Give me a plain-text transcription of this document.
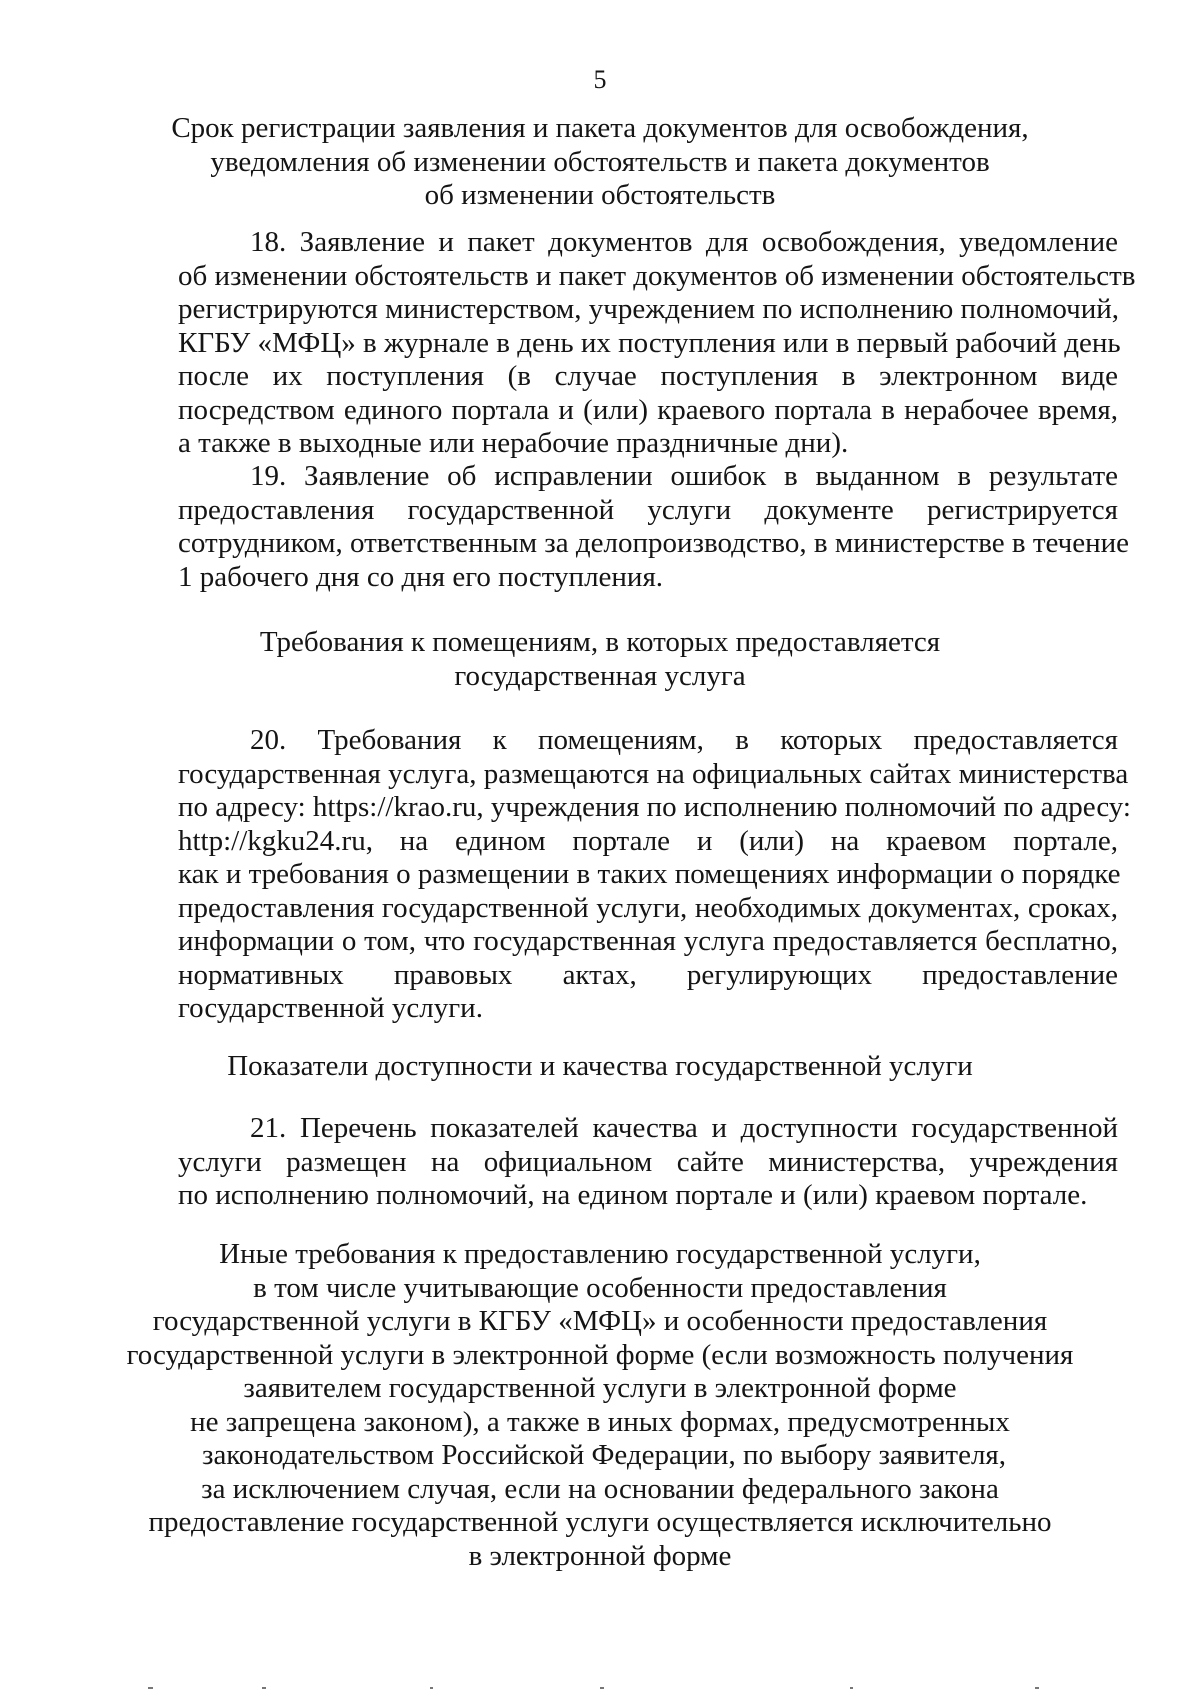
5
Срок регистрации заявления и пакета документов для освобождения,
уведомления об изменении обстоятельств и пакета документов
об изменении обстоятельств
18. Заявление и пакет документов для освобождения, уведомление
об изменении обстоятельств и пакет документов об изменении обстоятельств
регистрируются министерством, учреждением по исполнению полномочий,
КГБУ «МФЦ» в журнале в день их поступления или в первый рабочий день
после их поступления (в случае поступления в электронном виде
посредством единого портала и (или) краевого портала в нерабочее время,
а также в выходные или нерабочие праздничные дни).
19. Заявление об исправлении ошибок в выданном в результате
предоставления государственной услуги документе регистрируется
сотрудником, ответственным за делопроизводство, в министерстве в течение
1 рабочего дня со дня его поступления.
Требования к помещениям, в которых предоставляется
государственная услуга
20. Требования к помещениям, в которых предоставляется
государственная услуга, размещаются на официальных сайтах министерства
по адресу: https://krao.ru, учреждения по исполнению полномочий по адресу:
http://kgku24.ru, на едином портале и (или) на краевом портале,
как и требования о размещении в таких помещениях информации о порядке
предоставления государственной услуги, необходимых документах, сроках,
информации о том, что государственная услуга предоставляется бесплатно,
нормативных правовых актах, регулирующих предоставление
государственной услуги.
Показатели доступности и качества государственной услуги
21. Перечень показателей качества и доступности государственной
услуги размещен на официальном сайте министерства, учреждения
по исполнению полномочий, на едином портале и (или) краевом портале.
Иные требования к предоставлению государственной услуги,
в том числе учитывающие особенности предоставления
государственной услуги в КГБУ «МФЦ» и особенности предоставления
государственной услуги в электронной форме (если возможность получения
заявителем государственной услуги в электронной форме
не запрещена законом), а также в иных формах, предусмотренных
законодательством Российской Федерации, по выбору заявителя,
за исключением случая, если на основании федерального закона
предоставление государственной услуги осуществляется исключительно
в электронной форме
